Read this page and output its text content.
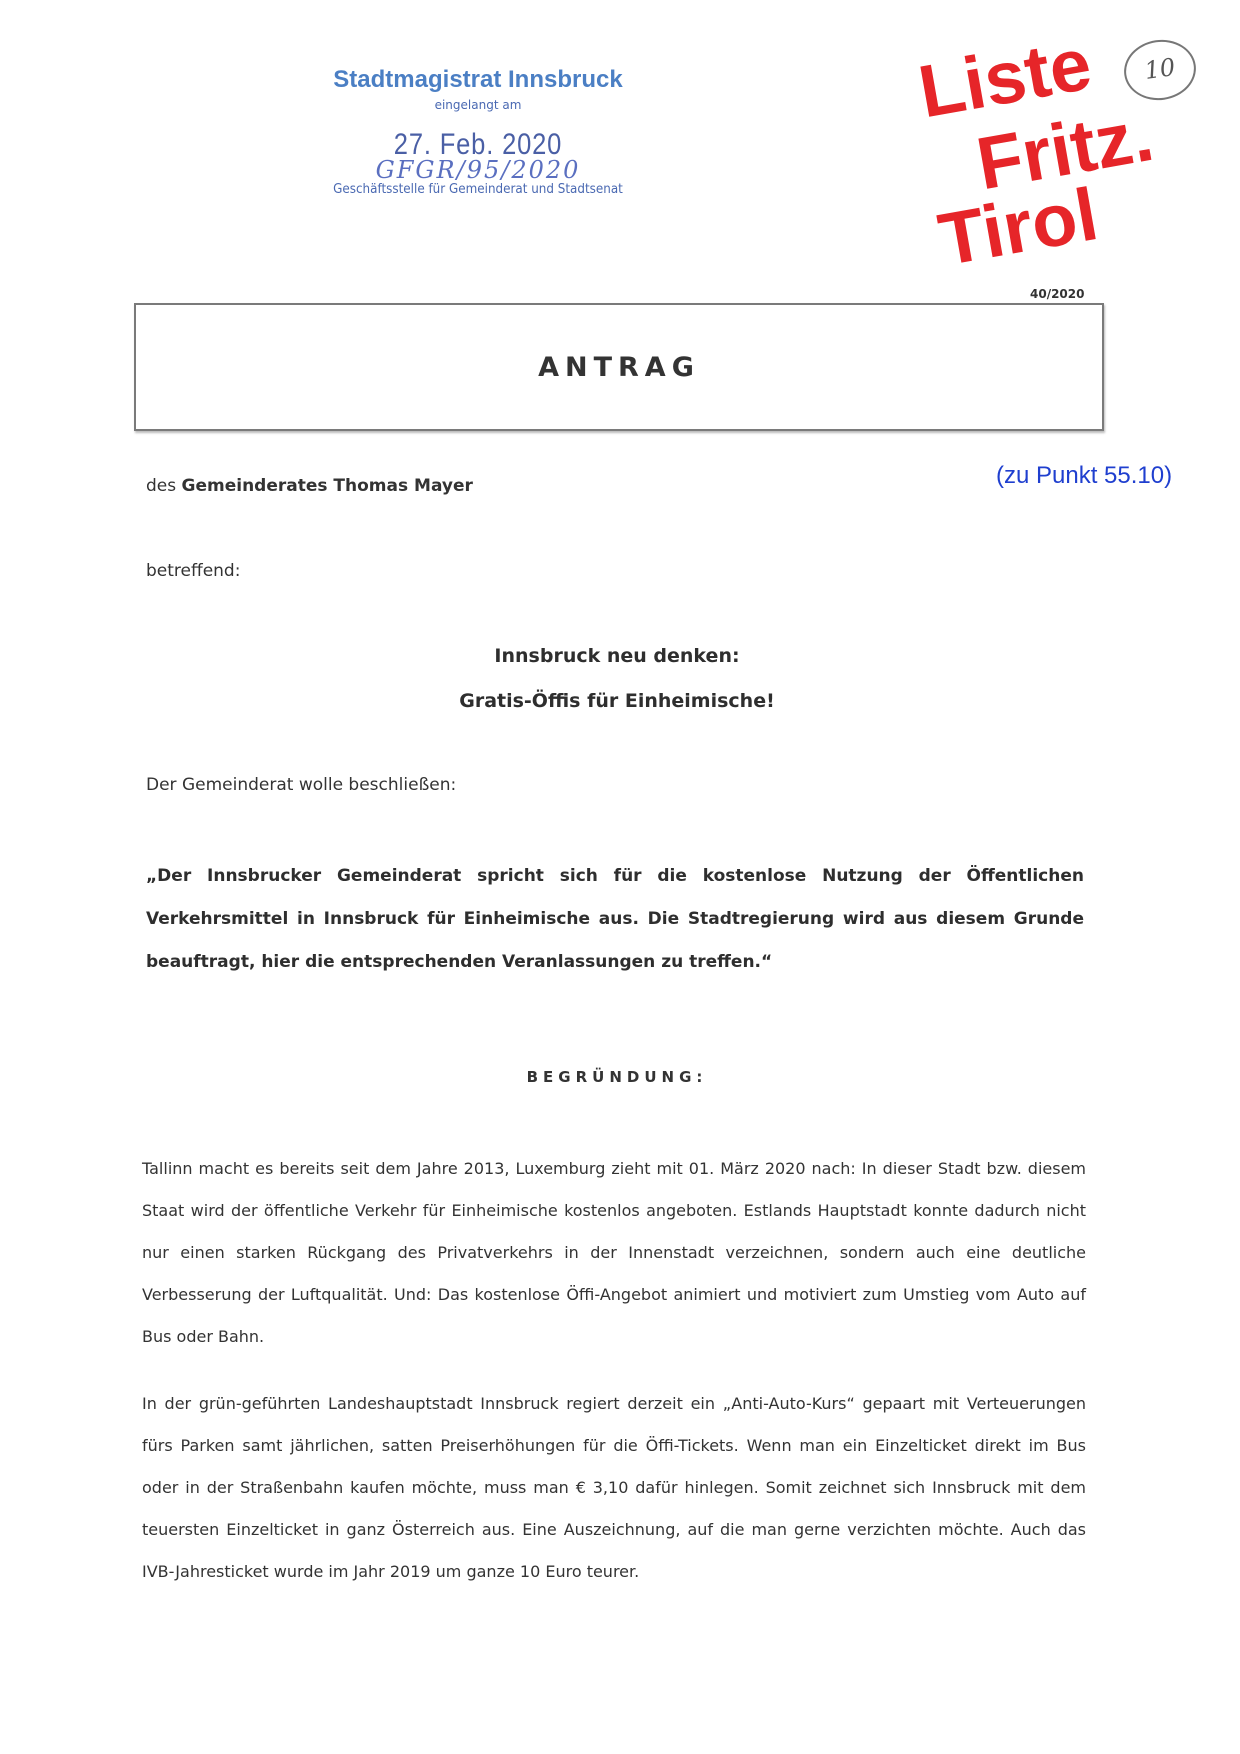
Stadtmagistrat Innsbruck
eingelangt am
27. Feb. 2020
GFGR/95/2020
Geschäftsstelle für Gemeinderat und Stadtsenat
Liste
Fritz.
Tirol
10
40/2020
ANTRAG
(zu Punkt 55.10)
des Gemeinderates Thomas Mayer
betreffend:
Innsbruck neu denken:
Gratis-Öffis für Einheimische!
Der Gemeinderat wolle beschließen:
„Der Innsbrucker Gemeinderat spricht sich für die kostenlose Nutzung der Öffentlichen Verkehrsmittel in Innsbruck für Einheimische aus. Die Stadtregierung wird aus diesem Grunde beauftragt, hier die entsprechenden Veranlassungen zu treffen.“
BEGRÜNDUNG:
Tallinn macht es bereits seit dem Jahre 2013, Luxemburg zieht mit 01. März 2020 nach: In dieser Stadt bzw. diesem Staat wird der öffentliche Verkehr für Einheimische kostenlos angeboten. Estlands Hauptstadt konnte dadurch nicht nur einen starken Rückgang des Privatverkehrs in der Innenstadt verzeichnen, sondern auch eine deutliche Verbesserung der Luftqualität. Und: Das kostenlose Öffi-Angebot animiert und motiviert zum Umstieg vom Auto auf Bus oder Bahn.
In der grün-geführten Landeshauptstadt Innsbruck regiert derzeit ein „Anti-Auto-Kurs“ gepaart mit Verteuerungen fürs Parken samt jährlichen, satten Preiserhöhungen für die Öffi-Tickets. Wenn man ein Einzelticket direkt im Bus oder in der Straßenbahn kaufen möchte, muss man € 3,10 dafür hinlegen. Somit zeichnet sich Innsbruck mit dem teuersten Einzelticket in ganz Österreich aus. Eine Auszeichnung, auf die man gerne verzichten möchte. Auch das IVB-Jahresticket wurde im Jahr 2019 um ganze 10 Euro teurer.
